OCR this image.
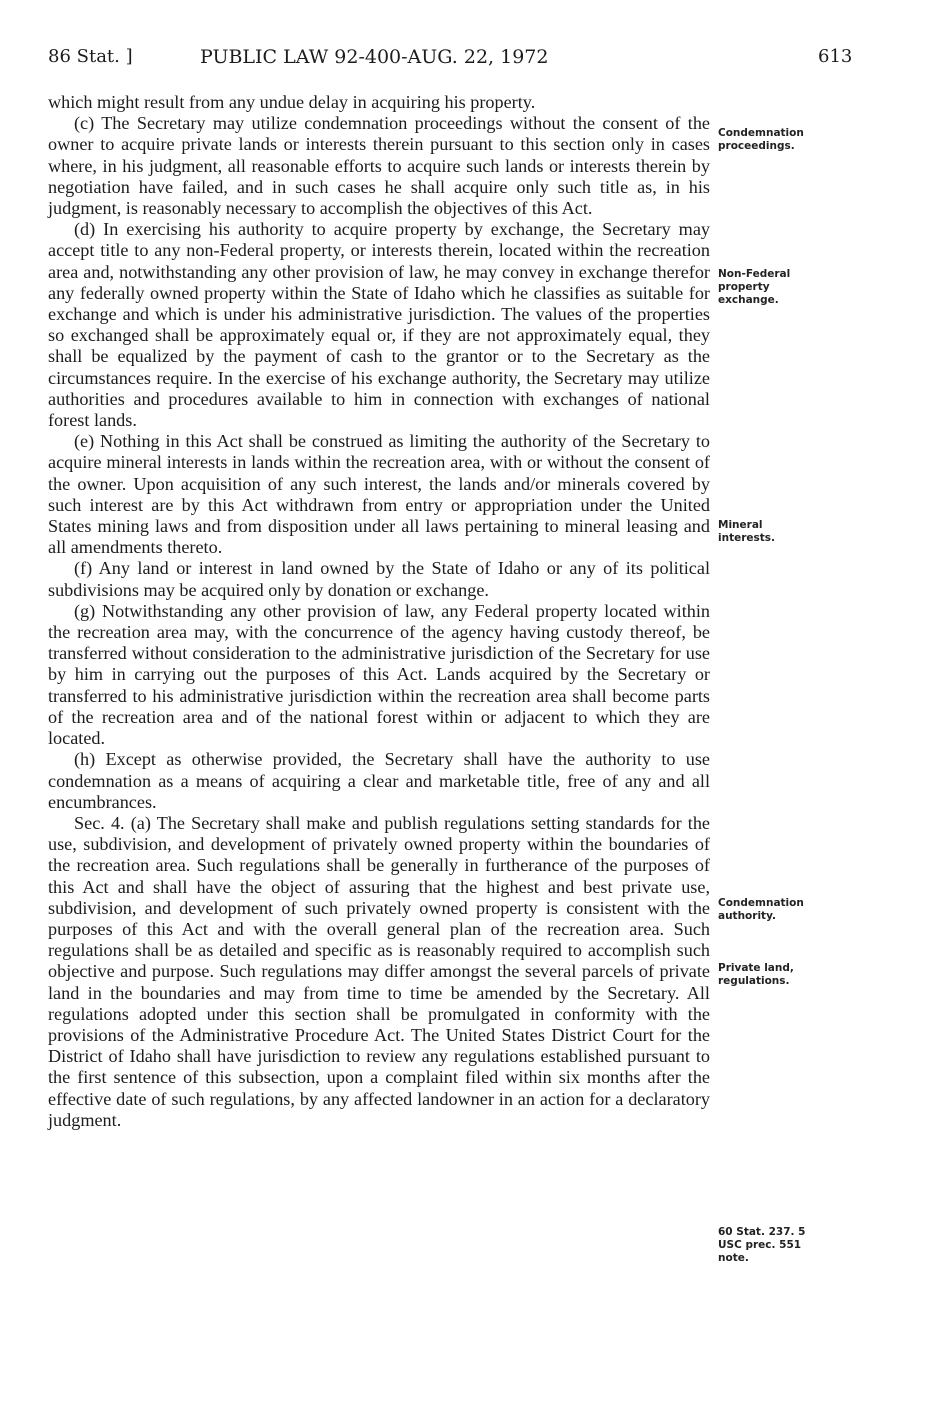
86 Stat. ]	PUBLIC LAW 92-400-AUG. 22, 1972	613

which might result from any undue delay in acquiring his property.

(c) The Secretary may utilize condemnation proceedings without the consent of the owner to acquire private lands or interests therein pursuant to this section only in cases where, in his judgment, all reasonable efforts to acquire such lands or interests therein by negotiation have failed, and in such cases he shall acquire only such title as, in his judgment, is reasonably necessary to accomplish the objectives of this Act.

(d) In exercising his authority to acquire property by exchange, the Secretary may accept title to any non-Federal property, or interests therein, located within the recreation area and, notwithstanding any other provision of law, he may convey in exchange therefor any federally owned property within the State of Idaho which he classifies as suitable for exchange and which is under his administrative jurisdiction. The values of the properties so exchanged shall be approximately equal or, if they are not approximately equal, they shall be equalized by the payment of cash to the grantor or to the Secretary as the circumstances require. In the exercise of his exchange authority, the Secretary may utilize authorities and procedures available to him in connection with exchanges of national forest lands.

(e) Nothing in this Act shall be construed as limiting the authority of the Secretary to acquire mineral interests in lands within the recreation area, with or without the consent of the owner. Upon acquisition of any such interest, the lands and/or minerals covered by such interest are by this Act withdrawn from entry or appropriation under the United States mining laws and from disposition under all laws pertaining to mineral leasing and all amendments thereto.

(f) Any land or interest in land owned by the State of Idaho or any of its political subdivisions may be acquired only by donation or exchange.

(g) Notwithstanding any other provision of law, any Federal property located within the recreation area may, with the concurrence of the agency having custody thereof, be transferred without consideration to the administrative jurisdiction of the Secretary for use by him in carrying out the purposes of this Act. Lands acquired by the Secretary or transferred to his administrative jurisdiction within the recreation area shall become parts of the recreation area and of the national forest within or adjacent to which they are located.

(h) Except as otherwise provided, the Secretary shall have the authority to use condemnation as a means of acquiring a clear and marketable title, free of any and all encumbrances.

Sec. 4. (a) The Secretary shall make and publish regulations setting standards for the use, subdivision, and development of privately owned property within the boundaries of the recreation area. Such regulations shall be generally in furtherance of the purposes of this Act and shall have the object of assuring that the highest and best private use, subdivision, and development of such privately owned property is consistent with the purposes of this Act and with the overall general plan of the recreation area. Such regulations shall be as detailed and specific as is reasonably required to accomplish such objective and purpose. Such regulations may differ amongst the several parcels of private land in the boundaries and may from time to time be amended by the Secretary. All regulations adopted under this section shall be promulgated in conformity with the provisions of the Administrative Procedure Act. The United States District Court for the District of Idaho shall have jurisdiction to review any regulations established pursuant to the first sentence of this subsection, upon a complaint filed within six months after the effective date of such regulations, by any affected landowner in an action for a declaratory judgment.

Condemnation proceedings.
Non-Federal property exchange.
Mineral interests.
Condemnation authority.
Private land, regulations.
60 Stat. 237. 5 USC prec. 551 note.
